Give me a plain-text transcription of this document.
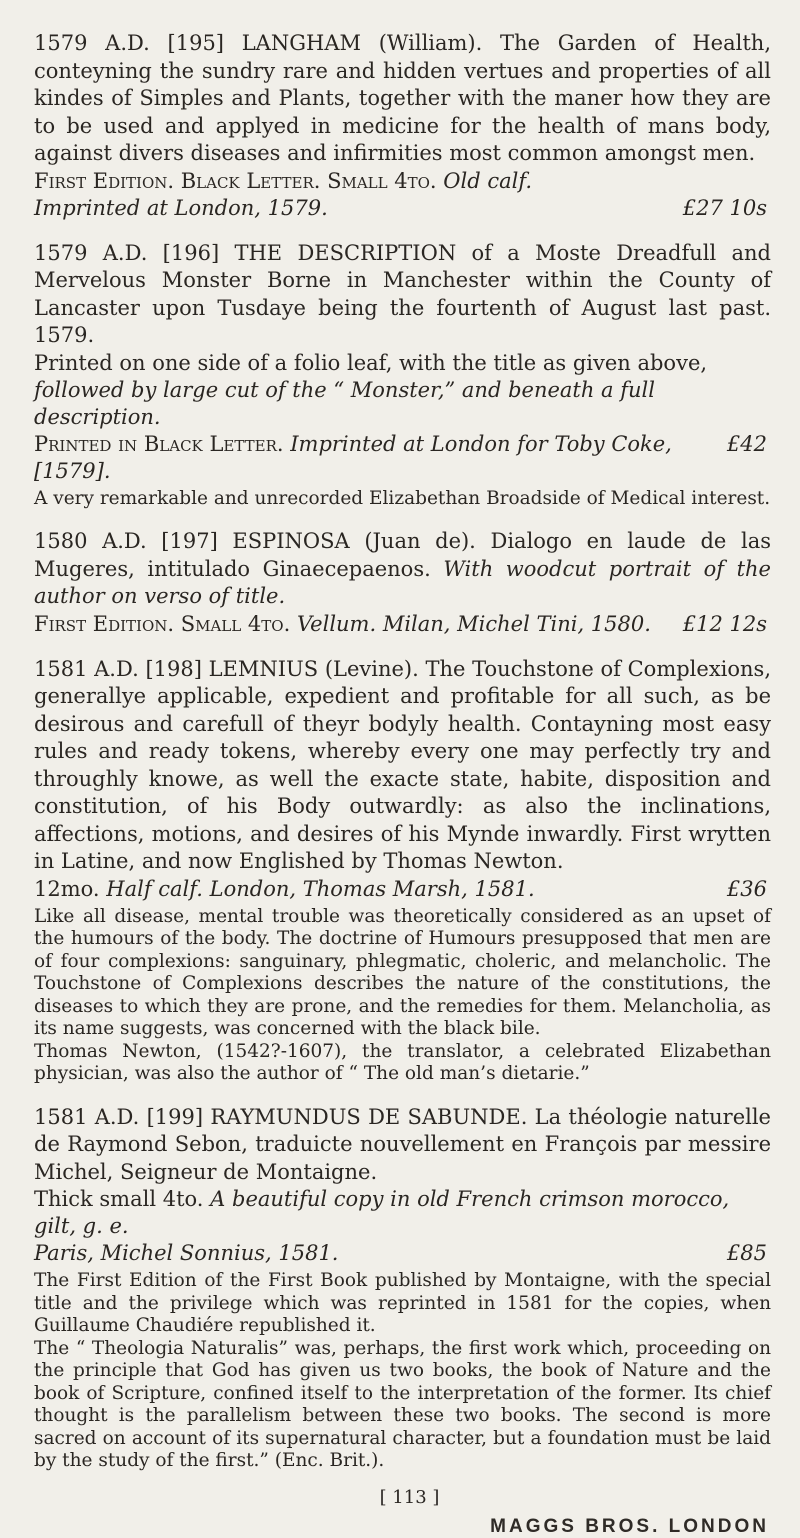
1579 A.D. [195] LANGHAM (William). The Garden of Health, conteyning the sundry rare and hidden vertues and properties of all kindes of Simples and Plants, together with the maner how they are to be used and applyed in medicine for the health of mans body, against divers diseases and infirmities most common amongst men.

First Edition. Black Letter. Small 4to. Old calf.

Imprinted at London, 1579.	£27 10s

1579 A.D. [196] THE DESCRIPTION of a Moste Dreadfull and Mervelous Monster Borne in Manchester within the County of Lancaster upon Tusdaye being the fourtenth of August last past. 1579.

Printed on one side of a folio leaf, with the title as given above, followed by large cut of the “ Monster,” and beneath a full description.

Printed in Black Letter. Imprinted at London for Toby Coke, [1579].
£42

A very remarkable and unrecorded Elizabethan Broadside of Medical interest.

1580 A.D. [197] ESPINOSA (Juan de). Dialogo en laude de las Mugeres, intitulado Ginaecepaenos. With woodcut portrait of the author on verso of title.

First Edition. Small 4to. Vellum. Milan, Michel Tini, 1580. £12 12s

1581 A.D. [198] LEMNIUS (Levine). The Touchstone of Complexions, generallye applicable, expedient and profitable for all such, as be desirous and carefull of theyr bodyly health. Contayning most easy rules and ready tokens, whereby every one may perfectly try and throughly knowe, as well the exacte state, habite, disposition and constitution, of his Body outwardly: as also the inclinations, affections, motions, and desires of his Mynde inwardly. First wrytten in Latine, and now Englished by Thomas Newton.

12mo. Half calf. London, Thomas Marsh, 1581.	£36

Like all disease, mental trouble was theoretically considered as an upset of the humours of the body. The doctrine of Humours presupposed that men are of four complexions: sanguinary, phlegmatic, choleric, and melancholic. The Touchstone of Complexions describes the nature of the constitutions, the diseases to which they are prone, and the remedies for them. Melancholia, as its name suggests, was concerned with the black bile.

Thomas Newton, (1542?-1607), the translator, a celebrated Elizabethan physician, was also the author of “ The old man’s dietarie.”

1581 A.D. [199] RAYMUNDUS DE SABUNDE. La théologie naturelle de Raymond Sebon, traduicte nouvellement en François par messire Michel, Seigneur de Montaigne.

Thick small 4to. A beautiful copy in old French crimson morocco, gilt, g. e.

Paris, Michel Sonnius, 1581.	£85

The First Edition of the First Book published by Montaigne, with the special title and the privilege which was reprinted in 1581 for the copies, when Guillaume Chaudiére republished it.

The “ Theologia Naturalis” was, perhaps, the first work which, proceeding on the principle that God has given us two books, the book of Nature and the book of Scripture, confined itself to the interpretation of the former. Its chief thought is the parallelism between these two books. The second is more sacred on account of its supernatural character, but a foundation must be laid by the study of the first.” (Enc. Brit.).

[ 113 ]
MAGGS BROS. LONDON
